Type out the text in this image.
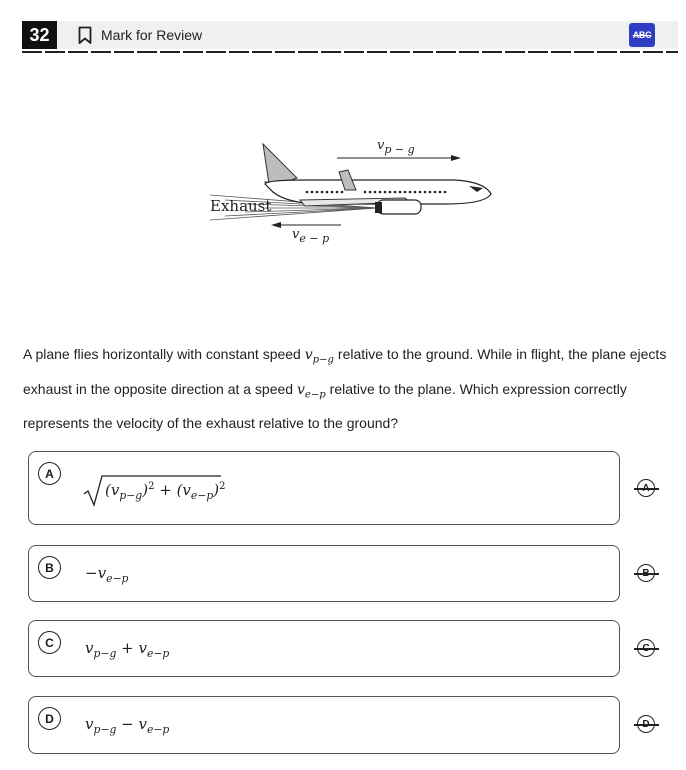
32	Mark for Review	ABC
$v_{p - g}$
$v_{e - p}$
Exhaust
A plane flies horizontally with constant speed $v_{p-g}$ relative to the ground. While in flight, the plane ejects exhaust in the opposite direction at a speed $v_{e-p}$ relative to the plane. Which expression correctly represents the velocity of the exhaust relative to the ground?
A
$(v_{p-g})^2 + (v_{e-p})^2$
B	$-v_{e-p}$
C	$v_{p-g} + v_{e-p}$
D	$v_{p-g} - v_{e-p}$
